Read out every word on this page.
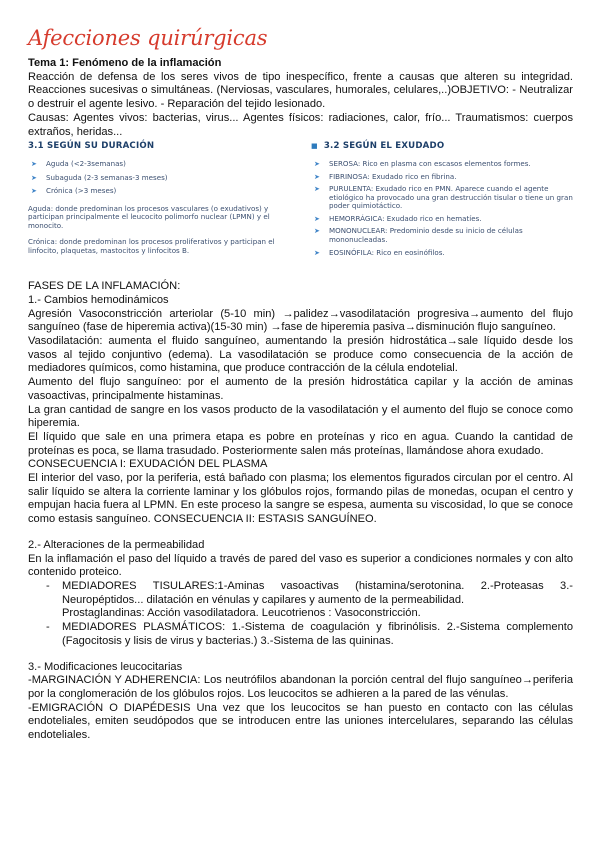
Afecciones quirúrgicas

Tema 1: Fenómeno de la inflamación

Reacción de defensa de los seres vivos de tipo inespecífico, frente a causas que alteren su integridad. Reacciones sucesivas o simultáneas. (Nerviosas, vasculares, humorales, celulares,..)OBJETIVO: - Neutralizar o destruir el agente lesivo. - Reparación del tejido lesionado.

Causas: Agentes vivos: bacterias, virus... Agentes físicos: radiaciones, calor, frío... Traumatismos: cuerpos extraños, heridas...

3.1 SEGÚN SU DURACIÓN
➤ Aguda (<2-3semanas)
➤ Subaguda (2-3 semanas-3 meses)
➤ Crónica (>3 meses)
Aguda: donde predominan los procesos vasculares (o exudativos) y participan principalmente el leucocito polimorfo nuclear (LPMN) y el monocito.
Crónica: donde predominan los procesos proliferativos y participan el linfocito, plaquetas, mastocitos y linfocitos B.
■ 3.2 SEGÚN EL EXUDADO
➤ SEROSA: Rico en plasma con escasos elementos formes.
➤ FIBRINOSA: Exudado rico en fibrina.
➤ PURULENTA: Exudado rico en PMN. Aparece cuando el agente etiológico ha provocado una gran destrucción tisular o tiene un gran poder quimiotáctico.
➤ HEMORRÁGICA: Exudado rico en hematíes.
➤ MONONUCLEAR: Predominio desde su inicio de células mononucleadas.
➤ EOSINÓFILA: Rico en eosinófilos.

FASES DE LA INFLAMACIÓN:

1.- Cambios hemodinámicos

Agresión Vasoconstricción arteriolar (5-10 min) →palidez→vasodilatación progresiva→aumento del flujo sanguíneo (fase de hiperemia activa)(15-30 min) →fase de hiperemia pasiva→disminución flujo sanguíneo.

Vasodilatación: aumenta el fluido sanguíneo, aumentando la presión hidrostática→sale líquido desde los vasos al tejido conjuntivo (edema). La vasodilatación se produce como consecuencia de la acción de mediadores químicos, como histamina, que produce contracción de la célula endotelial.

Aumento del flujo sanguíneo: por el aumento de la presión hidrostática capilar y la acción de aminas vasoactivas, principalmente histaminas.

La gran cantidad de sangre en los vasos producto de la vasodilatación y el aumento del flujo se conoce como hiperemia.

El líquido que sale en una primera etapa es pobre en proteínas y rico en agua. Cuando la cantidad de proteínas es poca, se llama trasudado. Posteriormente salen más proteínas, llamándose ahora exudado.

CONSECUENCIA I: EXUDACIÓN DEL PLASMA

El interior del vaso, por la periferia, está bañado con plasma; los elementos figurados circulan por el centro. Al salir líquido se altera la corriente laminar y los glóbulos rojos, formando pilas de monedas, ocupan el centro y empujan hacia fuera al LPMN. En este proceso la sangre se espesa, aumenta su viscosidad, lo que se conoce como estasis sanguíneo. CONSECUENCIA II: ESTASIS SANGUÍNEO.

2.- Alteraciones de la permeabilidad

En la inflamación el paso del líquido a través de pared del vaso es superior a condiciones normales y con alto contenido proteico.

- MEDIADORES TISULARES:1-Aminas vasoactivas (histamina/serotonina. 2.-Proteasas 3.-Neuropéptidos... dilatación en vénulas y capilares y aumento de la permeabilidad.
Prostaglandinas: Acción vasodilatadora. Leucotrienos : Vasoconstricción.
- MEDIADORES PLASMÁTICOS: 1.-Sistema de coagulación y fibrinólisis. 2.-Sistema complemento (Fagocitosis y lisis de virus y bacterias.) 3.-Sistema de las quininas.

3.- Modificaciones leucocitarias

-MARGINACIÓN Y ADHERENCIA: Los neutrófilos abandonan la porción central del flujo sanguíneo→periferia por la conglomeración de los glóbulos rojos. Los leucocitos se adhieren a la pared de las vénulas.

-EMIGRACIÓN O DIAPÉDESIS Una vez que los leucocitos se han puesto en contacto con las células endoteliales, emiten seudópodos que se introducen entre las uniones intercelulares, separando las células endoteliales.
